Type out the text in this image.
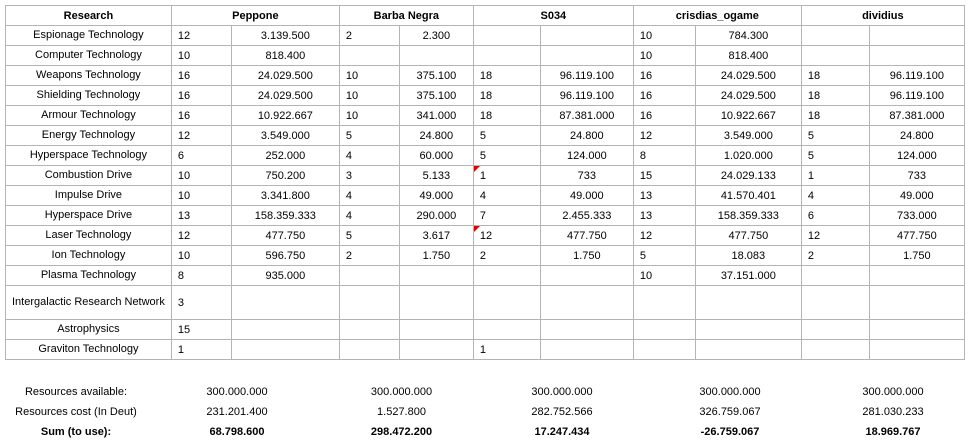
Research	Peppone		Barba Negra		S034		crisdias_ogame		dividius	
Espionage Technology	12	3.139.500	2	2.300			10	784.300		
Computer Technology	10	818.400					10	818.400		
Weapons Technology	16	24.029.500	10	375.100	18	96.119.100	16	24.029.500	18	96.119.100
Shielding Technology	16	24.029.500	10	375.100	18	96.119.100	16	24.029.500	18	96.119.100
Armour Technology	16	10.922.667	10	341.000	18	87.381.000	16	10.922.667	18	87.381.000
Energy Technology	12	3.549.000	5	24.800	5	24.800	12	3.549.000	5	24.800
Hyperspace Technology	6	252.000	4	60.000	5	124.000	8	1.020.000	5	124.000
Combustion Drive	10	750.200	3	5.133	1	733	15	24.029.133	1	733
Impulse Drive	10	3.341.800	4	49.000	4	49.000	13	41.570.401	4	49.000
Hyperspace Drive	13	158.359.333	4	290.000	7	2.455.333	13	158.359.333	6	733.000
Laser Technology	12	477.750	5	3.617	12	477.750	12	477.750	12	477.750
Ion Technology	10	596.750	2	1.750	2	1.750	5	18.083	2	1.750
Plasma Technology	8	935.000					10	37.151.000		
Intergalactic Research Network	3									
Astrophysics	15									
Graviton Technology	1				1					
Resources available:	300.000.000	300.000.000	300.000.000	300.000.000	300.000.000
Resources cost (In Deut)	231.201.400	1.527.800	282.752.566	326.759.067	281.030.233
Sum (to use):	68.798.600	298.472.200	17.247.434	-26.759.067	18.969.767
